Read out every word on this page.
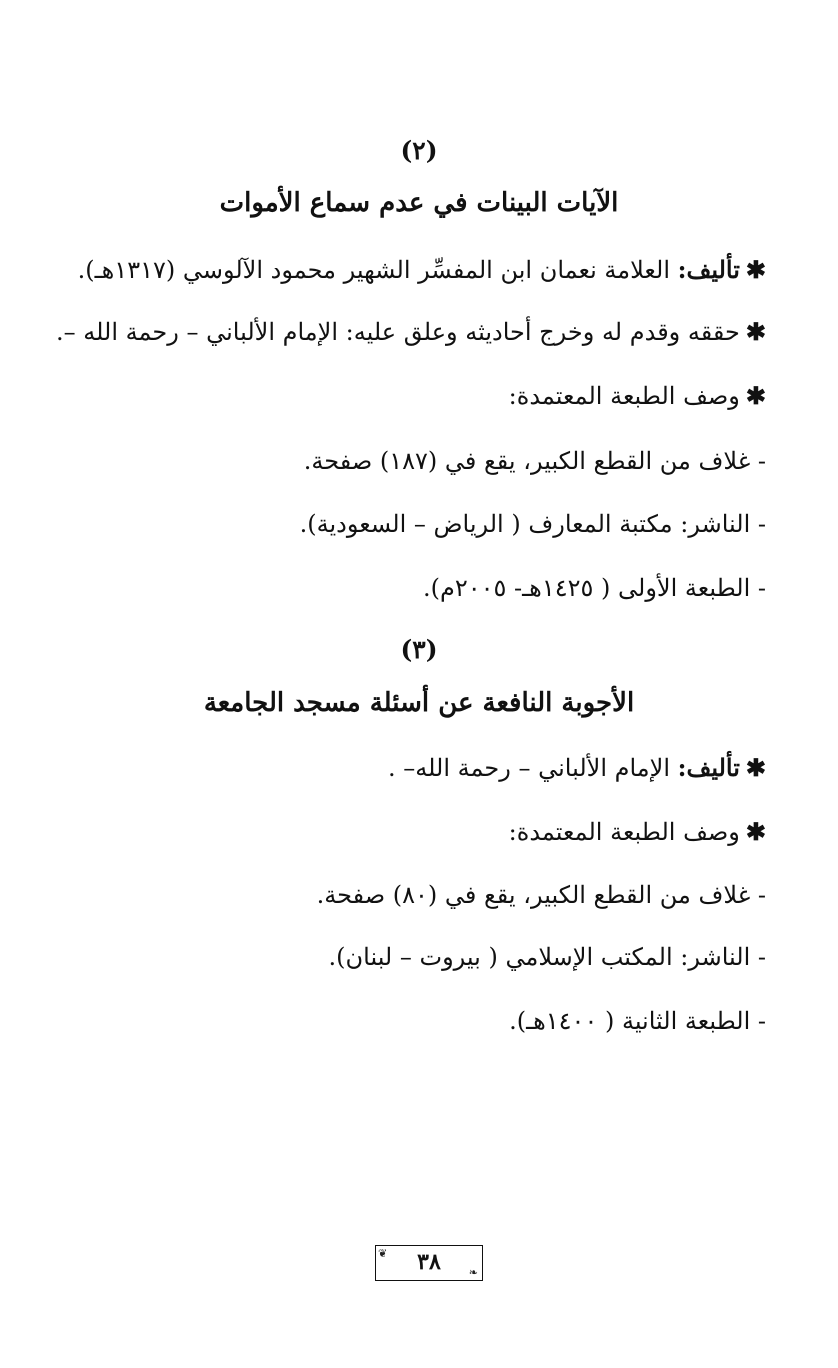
(٢)
الآيات البينات في عدم سماع الأموات
✱تأليف: العلامة نعمان ابن المفسِّر الشهير محمود الآلوسي (١٣١٧هـ).
✱حققه وقدم له وخرج أحاديثه وعلق عليه: الإمام الألباني – رحمة الله –.
✱وصف الطبعة المعتمدة:
- غلاف من القطع الكبير، يقع في (١٨٧) صفحة.
- الناشر: مكتبة المعارف ( الرياض – السعودية).
- الطبعة الأولى ( ١٤٢٥هـ- ٢٠٠٥م).
(٣)
الأجوبة النافعة عن أسئلة مسجد الجامعة
✱تأليف: الإمام الألباني – رحمة الله– .
✱وصف الطبعة المعتمدة:
- غلاف من القطع الكبير، يقع في (٨٠) صفحة.
- الناشر: المكتب الإسلامي ( بيروت – لبنان).
- الطبعة الثانية ( ١٤٠٠هـ).
❦	٣٨	❧
